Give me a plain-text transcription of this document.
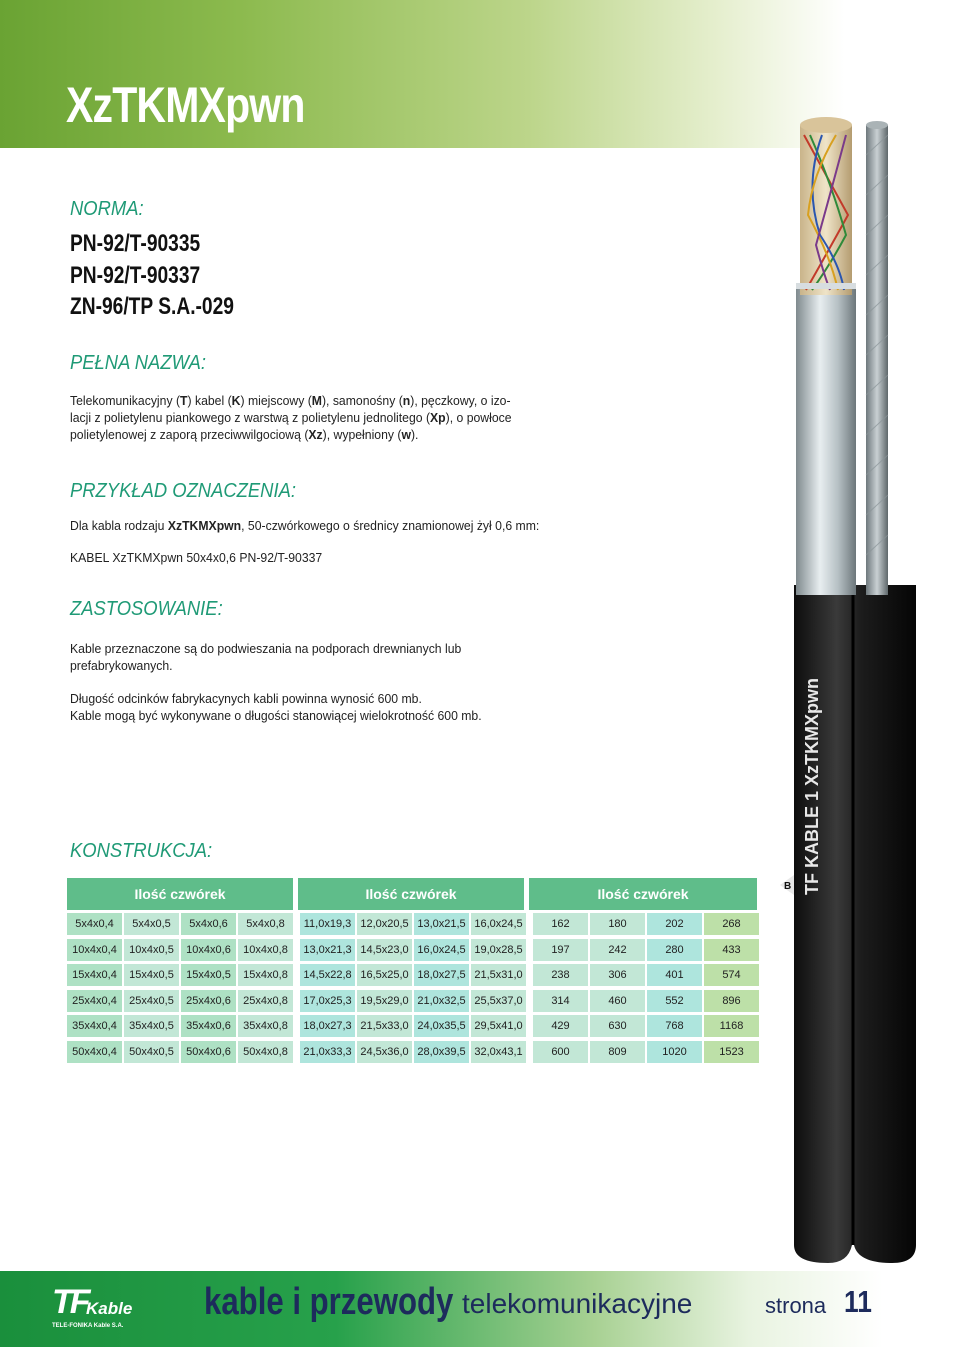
XzTKMXpwn
TF KABLE 1 XzTKMXpwn
B
NORMA:
PN-92/T-90335
PN-92/T-90337
ZN-96/TP S.A.-029
PEŁNA NAZWA:
Telekomunikacyjny (T) kabel (K) miejscowy (M), samonośny (n), pęczkowy, o izo-
lacji z polietylenu piankowego z warstwą z polietylenu jednolitego (Xp), o powłoce
polietylenowej z zaporą przeciwwilgociową (Xz), wypełniony (w).
PRZYKŁAD OZNACZENIA:
Dla kabla rodzaju XzTKMXpwn, 50-czwórkowego o średnicy znamionowej żył 0,6 mm:
KABEL XzTKMXpwn 50x4x0,6 PN-92/T-90337
ZASTOSOWANIE:
Kable przeznaczone są do podwieszania na podporach drewnianych lub
prefabrykowanych.
Długość odcinków fabrykacynych kabli powinna wynosić 600 mb.
Kable mogą być wykonywane o długości stanowiącej wielokrotność 600 mb.
KONSTRUKCJA:
Ilość czwórek	Ilość czwórek	Ilość czwórek
5x4x0,4	5x4x0,5	5x4x0,6	5x4x0,8	11,0x19,3 12,0x20,5 13,0x21,5 16,0x24,5	162	180	202	268
10x4x0,4	10x4x0,5	10x4x0,6	10x4x0,8	13,0x21,3 14,5x23,0 16,0x24,5 19,0x28,5	197	242	280	433
15x4x0,4	15x4x0,5	15x4x0,5	15x4x0,8	14,5x22,8 16,5x25,0 18,0x27,5 21,5x31,0	238	306	401	574
25x4x0,4	25x4x0,5	25x4x0,6	25x4x0,8	17,0x25,3 19,5x29,0 21,0x32,5 25,5x37,0	314	460	552	896
35x4x0,4	35x4x0,5	35x4x0,6	35x4x0,8	18,0x27,3 21,5x33,0 24,0x35,5 29,5x41,0	429	630	768	1168
50x4x0,4	50x4x0,5	50x4x0,6	50x4x0,8	21,0x33,3 24,5x36,0 28,0x39,5 32,0x43,1	600	809	1020	1523
TF
Kable
TELE-FONIKA Kable S.A.
kable i przewody telekomunikacyjne	strona 11
